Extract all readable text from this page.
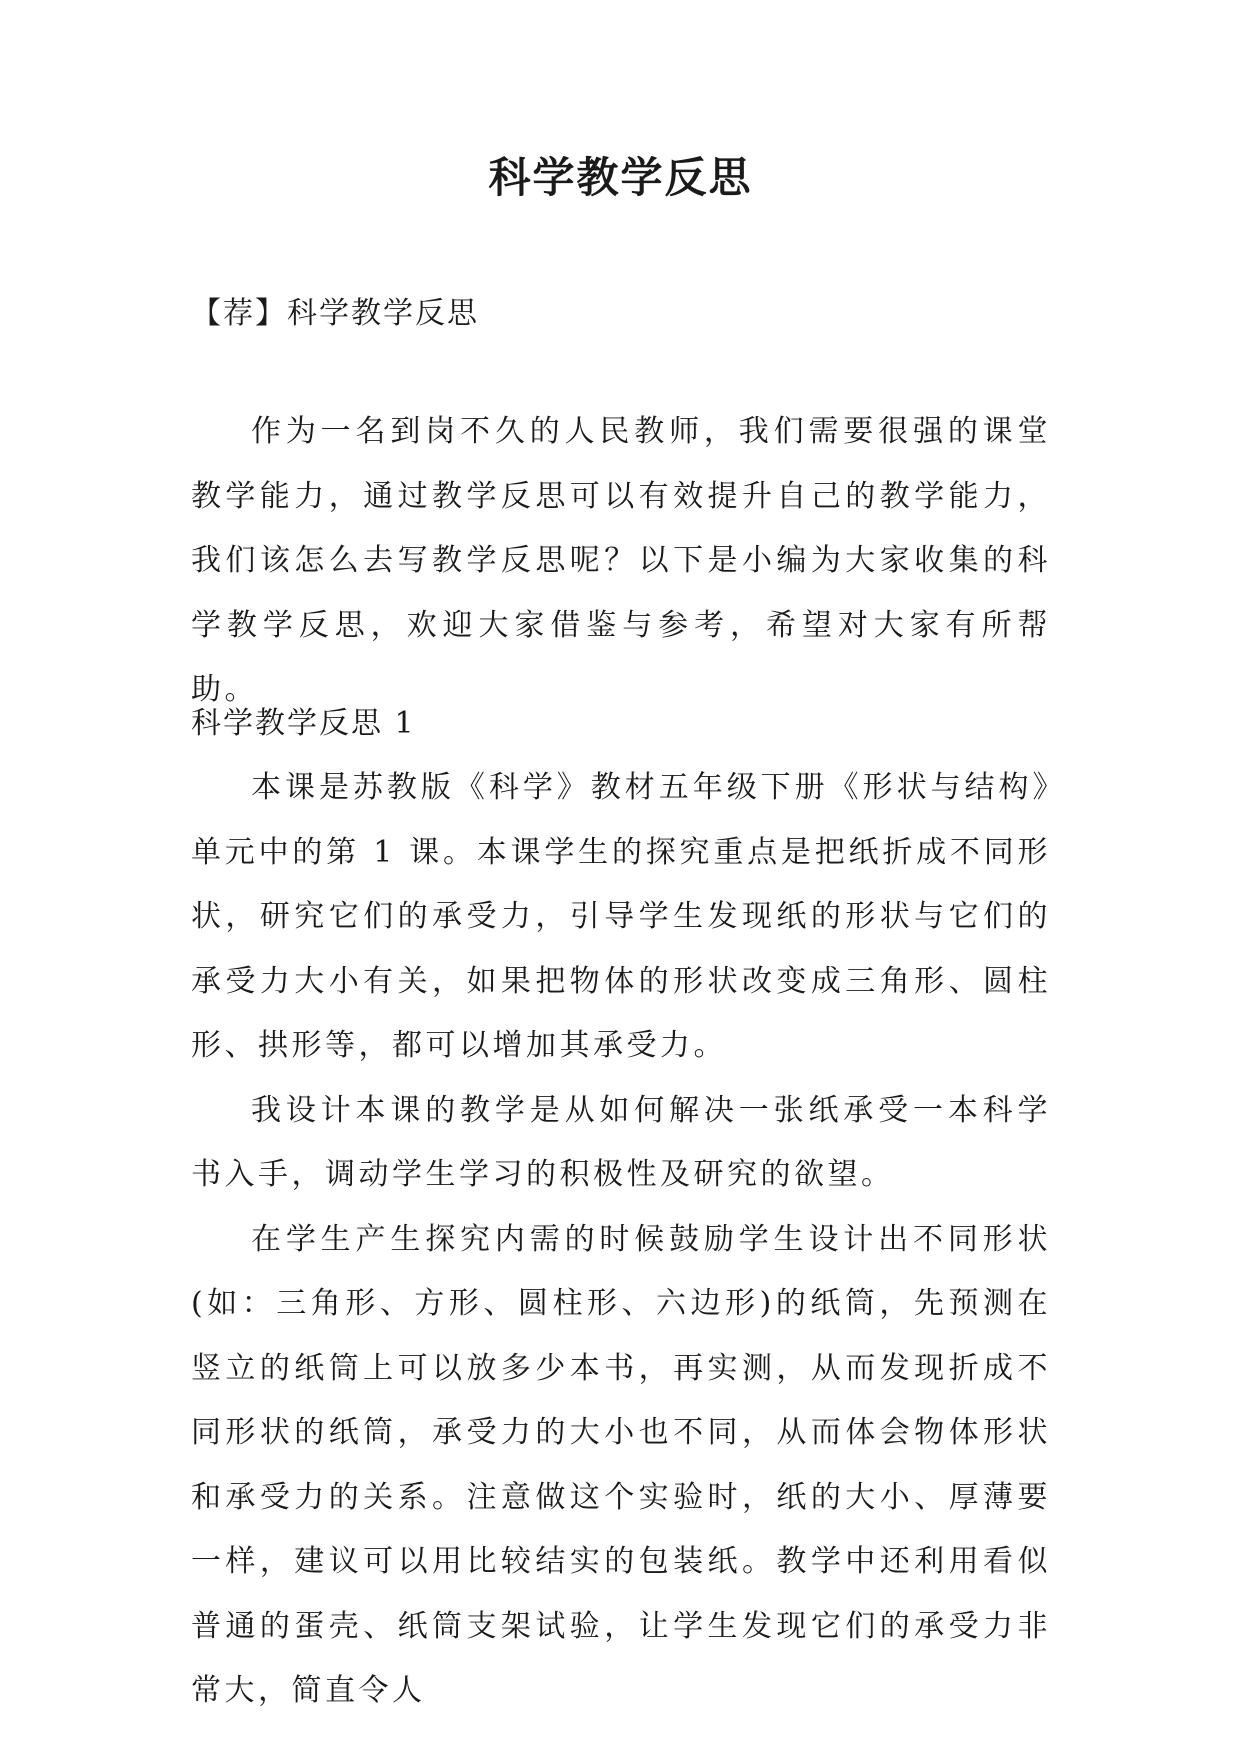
科学教学反思
【荐】科学教学反思

作为一名到岗不久的人民教师，我们需要很强的课堂教学能力，通过教学反思可以有效提升自己的教学能力，我们该怎么去写教学反思呢？以下是小编为大家收集的科学教学反思，欢迎大家借鉴与参考，希望对大家有所帮助。

科学教学反思 1

本课是苏教版《科学》教材五年级下册《形状与结构》单元中的第 1 课。本课学生的探究重点是把纸折成不同形状，研究它们的承受力，引导学生发现纸的形状与它们的承受力大小有关，如果把物体的形状改变成三角形、圆柱形、拱形等，都可以增加其承受力。

我设计本课的教学是从如何解决一张纸承受一本科学书入手，调动学生学习的积极性及研究的欲望。

在学生产生探究内需的时候鼓励学生设计出不同形状(如：三角形、方形、圆柱形、六边形)的纸筒，先预测在竖立的纸筒上可以放多少本书，再实测，从而发现折成不同形状的纸筒，承受力的大小也不同，从而体会物体形状和承受力的关系。注意做这个实验时，纸的大小、厚薄要一样，建议可以用比较结实的包装纸。教学中还利用看似普通的蛋壳、纸筒支架试验，让学生发现它们的承受力非常大，简直令人
